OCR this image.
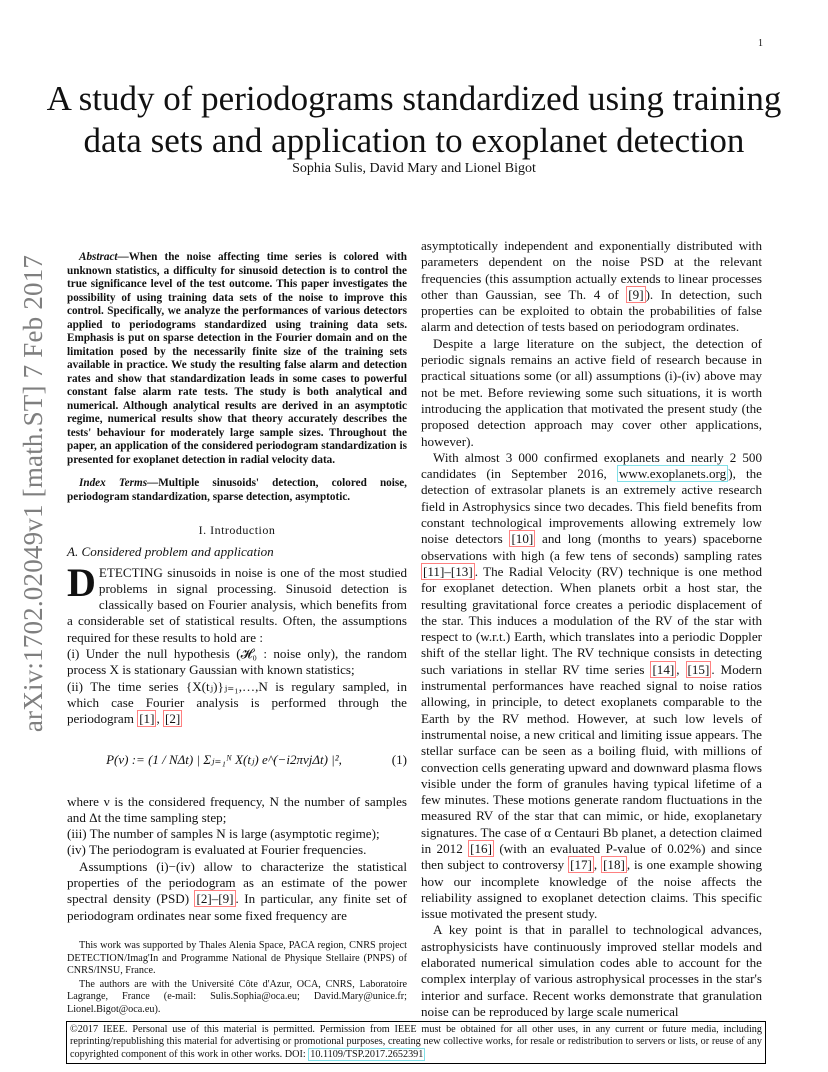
1
arXiv:1702.02049v1 [math.ST] 7 Feb 2017
A study of periodograms standardized using training data sets and application to exoplanet detection
Sophia Sulis, David Mary and Lionel Bigot

Abstract—When the noise affecting time series is colored with unknown statistics, a difficulty for sinusoid detection is to control the true significance level of the test outcome. This paper investigates the possibility of using training data sets of the noise to improve this control. Specifically, we analyze the performances of various detectors applied to periodograms standardized using training data sets. Emphasis is put on sparse detection in the Fourier domain and on the limitation posed by the necessarily finite size of the training sets available in practice. We study the resulting false alarm and detection rates and show that standardization leads in some cases to powerful constant false alarm rate tests. The study is both analytical and numerical. Although analytical results are derived in an asymptotic regime, numerical results show that theory accurately describes the tests' behaviour for moderately large sample sizes. Throughout the paper, an application of the considered periodogram standardization is presented for exoplanet detection in radial velocity data.

Index Terms—Multiple sinusoids' detection, colored noise, periodogram standardization, sparse detection, asymptotic.

I. Introduction
A. Considered problem and application

DETECTING sinusoids in noise is one of the most studied problems in signal processing. Sinusoid detection is classically based on Fourier analysis, which benefits from a considerable set of statistical results. Often, the assumptions required for these results to hold are :

(i) Under the null hypothesis (𝓗₀ : noise only), the random process X is stationary Gaussian with known statistics;

(ii) The time series {X(tⱼ)}ⱼ₌₁,…,N is regulary sampled, in which case Fourier analysis is performed through the periodogram [1] , [2]

P(ν) := (1 / NΔt) | Σⱼ₌₁ᴺ X(tⱼ) e^(−i2πνjΔt) |²,	(1)

where ν is the considered frequency, N the number of samples and Δt the time sampling step;

(iii) The number of samples N is large (asymptotic regime);

(iv) The periodogram is evaluated at Fourier frequencies.

Assumptions (i)−(iv) allow to characterize the statistical properties of the periodogram as an estimate of the power spectral density (PSD) [2]–[9] . In particular, any finite set of periodogram ordinates near some fixed frequency are

This work was supported by Thales Alenia Space, PACA region, CNRS project DETECTION/Imag'In and Programme National de Physique Stellaire (PNPS) of CNRS/INSU, France.

The authors are with the Université Côte d'Azur, OCA, CNRS, Laboratoire Lagrange, France (e-mail: Sulis.Sophia@oca.eu; David.Mary@unice.fr; Lionel.Bigot@oca.eu).

asymptotically independent and exponentially distributed with parameters dependent on the noise PSD at the relevant frequencies (this assumption actually extends to linear processes other than Gaussian, see Th. 4 of [9] ). In detection, such properties can be exploited to obtain the probabilities of false alarm and detection of tests based on periodogram ordinates.

Despite a large literature on the subject, the detection of periodic signals remains an active field of research because in practical situations some (or all) assumptions (i)-(iv) above may not be met. Before reviewing some such situations, it is worth introducing the application that motivated the present study (the proposed detection approach may cover other applications, however).

With almost 3 000 confirmed exoplanets and nearly 2 500 candidates (in September 2016, www.exoplanets.org ), the detection of extrasolar planets is an extremely active research field in Astrophysics since two decades. This field benefits from constant technological improvements allowing extremely low noise detectors [10] and long (months to years) spaceborne observations with high (a few tens of seconds) sampling rates [11]–[13] . The Radial Velocity (RV) technique is one method for exoplanet detection. When planets orbit a host star, the resulting gravitational force creates a periodic displacement of the star. This induces a modulation of the RV of the star with respect to (w.r.t.) Earth, which translates into a periodic Doppler shift of the stellar light. The RV technique consists in detecting such variations in stellar RV time series [14] , [15] . Modern instrumental performances have reached signal to noise ratios allowing, in principle, to detect exoplanets comparable to the Earth by the RV method. However, at such low levels of instrumental noise, a new critical and limiting issue appears. The stellar surface can be seen as a boiling fluid, with millions of convection cells generating upward and downward plasma flows visible under the form of granules having typical lifetime of a few minutes. These motions generate random fluctuations in the measured RV of the star that can mimic, or hide, exoplanetary signatures. The case of α Centauri Bb planet, a detection claimed in 2012 [16] (with an evaluated P-value of 0.02%) and since then subject to controversy [17] , [18] , is one example showing how our incomplete knowledge of the noise affects the reliability assigned to exoplanet detection claims. This specific issue motivated the present study.

A key point is that in parallel to technological advances, astrophysicists have continuously improved stellar models and elaborated numerical simulation codes able to account for the complex interplay of various astrophysical processes in the star's interior and surface. Recent works demonstrate that granulation noise can be reproduced by large scale numerical

©2017 IEEE. Personal use of this material is permitted. Permission from IEEE must be obtained for all other uses, in any current or future media, including reprinting/republishing this material for advertising or promotional purposes, creating new collective works, for resale or redistribution to servers or lists, or reuse of any copyrighted component of this work in other works. DOI: 10.1109/TSP.2017.2652391
